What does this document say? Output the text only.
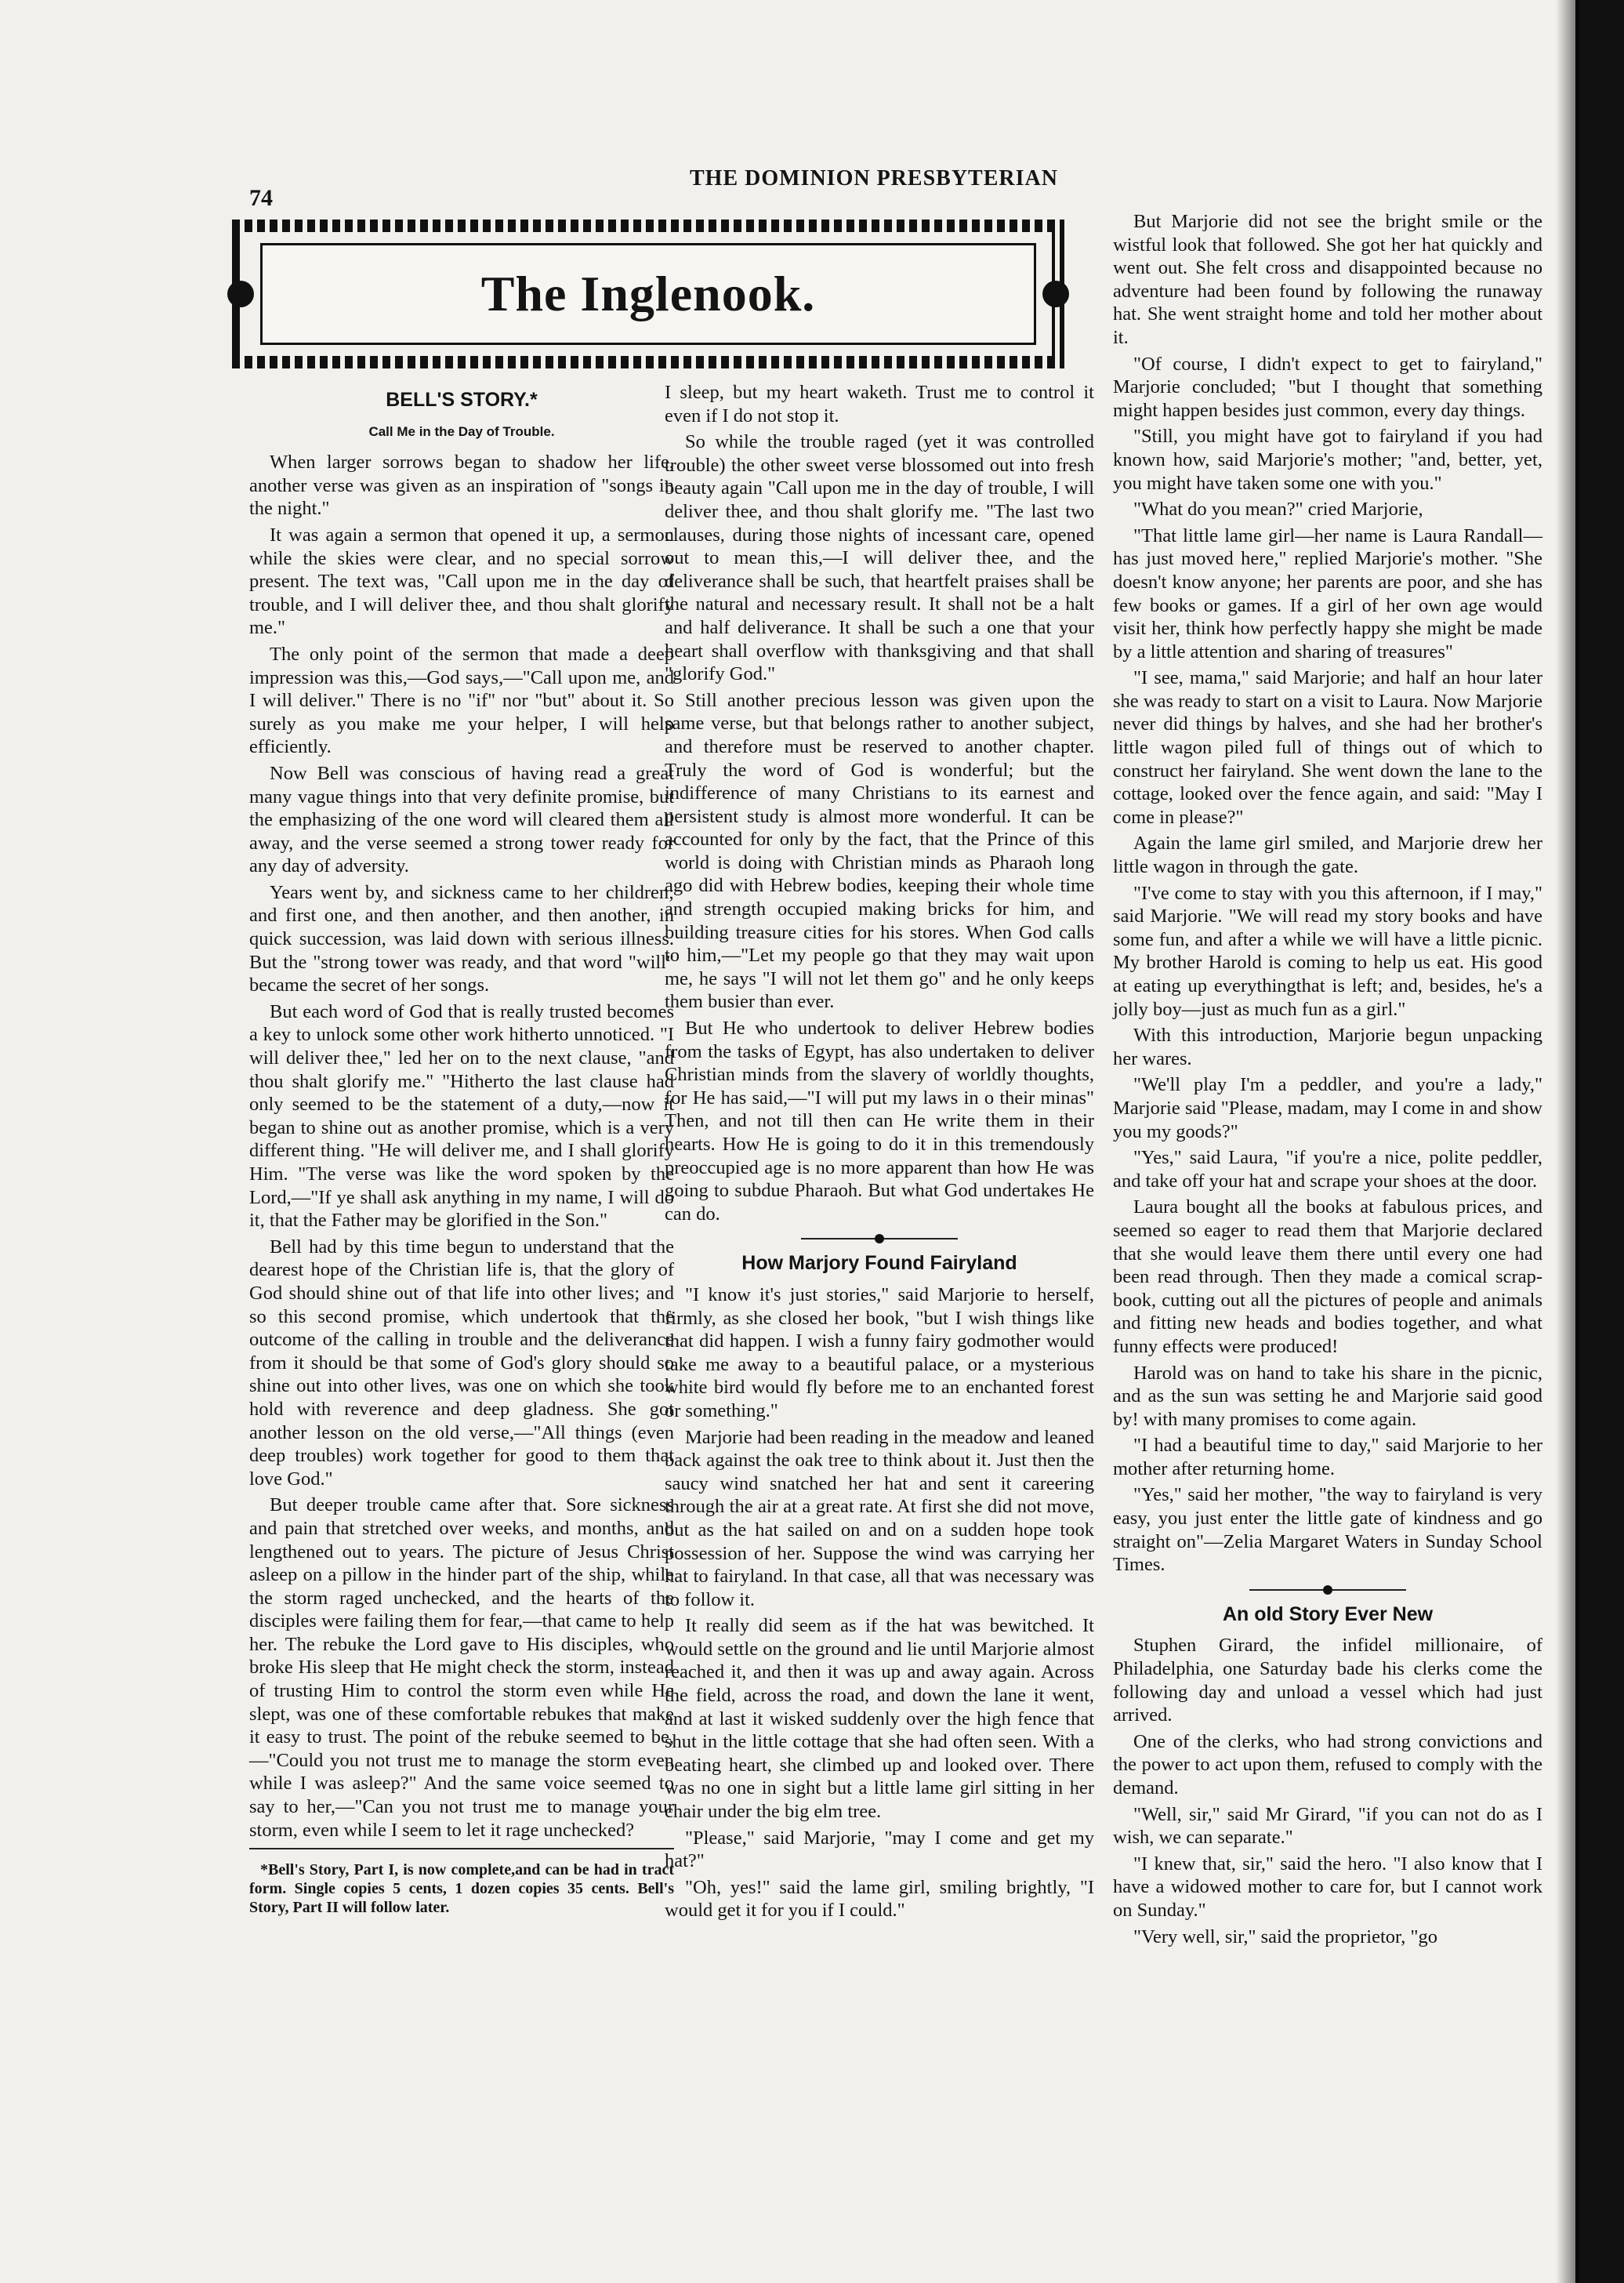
74
THE DOMINION PRESBYTERIAN
The Inglenook.
BELL'S STORY.*
Call Me in the Day of Trouble.

When larger sorrows began to shadow her life, another verse was given as an inspiration of "songs in the night."

It was again a sermon that opened it up, a sermon while the skies were clear, and no special sorrow present. The text was, "Call upon me in the day of trouble, and I will deliver thee, and thou shalt glorify me."

The only point of the sermon that made a deep impression was this,—God says,—"Call upon me, and I will deliver." There is no "if" nor "but" about it. So surely as you make me your helper, I will help efficiently.

Now Bell was conscious of having read a great many vague things into that very definite promise, but the emphasizing of the one word will cleared them all away, and the verse seemed a strong tower ready for any day of adversity.

Years went by, and sickness came to her children; and first one, and then another, and then another, in quick succession, was laid down with serious illness. But the "strong tower was ready, and that word "will" became the secret of her songs.

But each word of God that is really trusted becomes a key to unlock some other work hitherto unnoticed. "I will deliver thee," led her on to the next clause, "and thou shalt glorify me." "Hitherto the last clause had only seemed to be the statement of a duty,—now it began to shine out as another promise, which is a very different thing. "He will deliver me, and I shall glorify Him. "The verse was like the word spoken by the Lord,—"If ye shall ask anything in my name, I will do it, that the Father may be glorified in the Son."

Bell had by this time begun to understand that the dearest hope of the Christian life is, that the glory of God should shine out of that life into other lives; and so this second promise, which undertook that the outcome of the calling in trouble and the deliverance from it should be that some of God's glory should so shine out into other lives, was one on which she took hold with reverence and deep gladness. She got another lesson on the old verse,—"All things (even deep troubles) work together for good to them that love God."

But deeper trouble came after that. Sore sickness and pain that stretched over weeks, and months, and lengthened out to years. The picture of Jesus Christ asleep on a pillow in the hinder part of the ship, while the storm raged unchecked, and the hearts of the disciples were failing them for fear,—that came to help her. The rebuke the Lord gave to His disciples, who broke His sleep that He might check the storm, instead of trusting Him to control the storm even while He slept, was one of these comfortable rebukes that make it easy to trust. The point of the rebuke seemed to be,—"Could you not trust me to manage the storm even while I was asleep?" And the same voice seemed to say to her,—"Can you not trust me to manage your storm, even while I seem to let it rage unchecked?

*Bell's Story, Part I, is now complete,and can be had in tract form. Single copies 5 cents, 1 dozen copies 35 cents. Bell's Story, Part II will follow later.

I sleep, but my heart waketh. Trust me to control it even if I do not stop it.

So while the trouble raged (yet it was controlled trouble) the other sweet verse blossomed out into fresh beauty again "Call upon me in the day of trouble, I will deliver thee, and thou shalt glorify me. "The last two clauses, during those nights of incessant care, opened out to mean this,—I will deliver thee, and the deliverance shall be such, that heartfelt praises shall be the natural and necessary result. It shall not be a halt and half deliverance. It shall be such a one that your heart shall overflow with thanksgiving and that shall "glorify God."

Still another precious lesson was given upon the same verse, but that belongs rather to another subject, and therefore must be reserved to another chapter. Truly the word of God is wonderful; but the indifference of many Christians to its earnest and persistent study is almost more wonderful. It can be accounted for only by the fact, that the Prince of this world is doing with Christian minds as Pharaoh long ago did with Hebrew bodies, keeping their whole time and strength occupied making bricks for him, and building treasure cities for his stores. When God calls to him,—"Let my people go that they may wait upon me, he says "I will not let them go" and he only keeps them busier than ever.

But He who undertook to deliver Hebrew bodies from the tasks of Egypt, has also undertaken to deliver Christian minds from the slavery of worldly thoughts, for He has said,—"I will put my laws in o their minas" Then, and not till then can He write them in their hearts. How He is going to do it in this tremendously preoccupied age is no more apparent than how He was going to subdue Pharaoh. But what God undertakes He can do.

How Marjory Found Fairyland

"I know it's just stories," said Marjorie to herself, firmly, as she closed her book, "but I wish things like that did happen. I wish a funny fairy godmother would take me away to a beautiful palace, or a mysterious white bird would fly before me to an enchanted forest or something."

Marjorie had been reading in the meadow and leaned back against the oak tree to think about it. Just then the saucy wind snatched her hat and sent it careering through the air at a great rate. At first she did not move, but as the hat sailed on and on a sudden hope took possession of her. Suppose the wind was carrying her hat to fairyland. In that case, all that was necessary was to follow it.

It really did seem as if the hat was bewitched. It would settle on the ground and lie until Marjorie almost reached it, and then it was up and away again. Across the field, across the road, and down the lane it went, and at last it wisked suddenly over the high fence that shut in the little cottage that she had often seen. With a beating heart, she climbed up and looked over. There was no one in sight but a little lame girl sitting in her chair under the big elm tree.

"Please," said Marjorie, "may I come and get my hat?"

"Oh, yes!" said the lame girl, smiling brightly, "I would get it for you if I could."

But Marjorie did not see the bright smile or the wistful look that followed. She got her hat quickly and went out. She felt cross and disappointed because no adventure had been found by following the runaway hat. She went straight home and told her mother about it.

"Of course, I didn't expect to get to fairyland," Marjorie concluded; "but I thought that something might happen besides just common, every day things.

"Still, you might have got to fairyland if you had known how, said Marjorie's mother; "and, better, yet, you might have taken some one with you."

"What do you mean?" cried Marjorie,

"That little lame girl—her name is Laura Randall—has just moved here," replied Marjorie's mother. "She doesn't know anyone; her parents are poor, and she has few books or games. If a girl of her own age would visit her, think how perfectly happy she might be made by a little attention and sharing of treasures"

"I see, mama," said Marjorie; and half an hour later she was ready to start on a visit to Laura. Now Marjorie never did things by halves, and she had her brother's little wagon piled full of things out of which to construct her fairyland. She went down the lane to the cottage, looked over the fence again, and said: "May I come in please?"

Again the lame girl smiled, and Marjorie drew her little wagon in through the gate.

"I've come to stay with you this afternoon, if I may," said Marjorie. "We will read my story books and have some fun, and after a while we will have a little picnic. My brother Harold is coming to help us eat. His good at eating up everythingthat is left; and, besides, he's a jolly boy—just as much fun as a girl."

With this introduction, Marjorie begun unpacking her wares.

"We'll play I'm a peddler, and you're a lady," Marjorie said "Please, madam, may I come in and show you my goods?"

"Yes," said Laura, "if you're a nice, polite peddler, and take off your hat and scrape your shoes at the door.

Laura bought all the books at fabulous prices, and seemed so eager to read them that Marjorie declared that she would leave them there until every one had been read through. Then they made a comical scrap-book, cutting out all the pictures of people and animals and fitting new heads and bodies together, and what funny effects were produced!

Harold was on hand to take his share in the picnic, and as the sun was setting he and Marjorie said good by! with many promises to come again.

"I had a beautiful time to day," said Marjorie to her mother after returning home.

"Yes," said her mother, "the way to fairyland is very easy, you just enter the little gate of kindness and go straight on"—Zelia Margaret Waters in Sunday School Times.

An old Story Ever New

Stuphen Girard, the infidel millionaire, of Philadelphia, one Saturday bade his clerks come the following day and unload a vessel which had just arrived.

One of the clerks, who had strong convictions and the power to act upon them, refused to comply with the demand.

"Well, sir," said Mr Girard, "if you can not do as I wish, we can separate."

"I knew that, sir," said the hero. "I also know that I have a widowed mother to care for, but I cannot work on Sunday."

"Very well, sir," said the proprietor, "go
